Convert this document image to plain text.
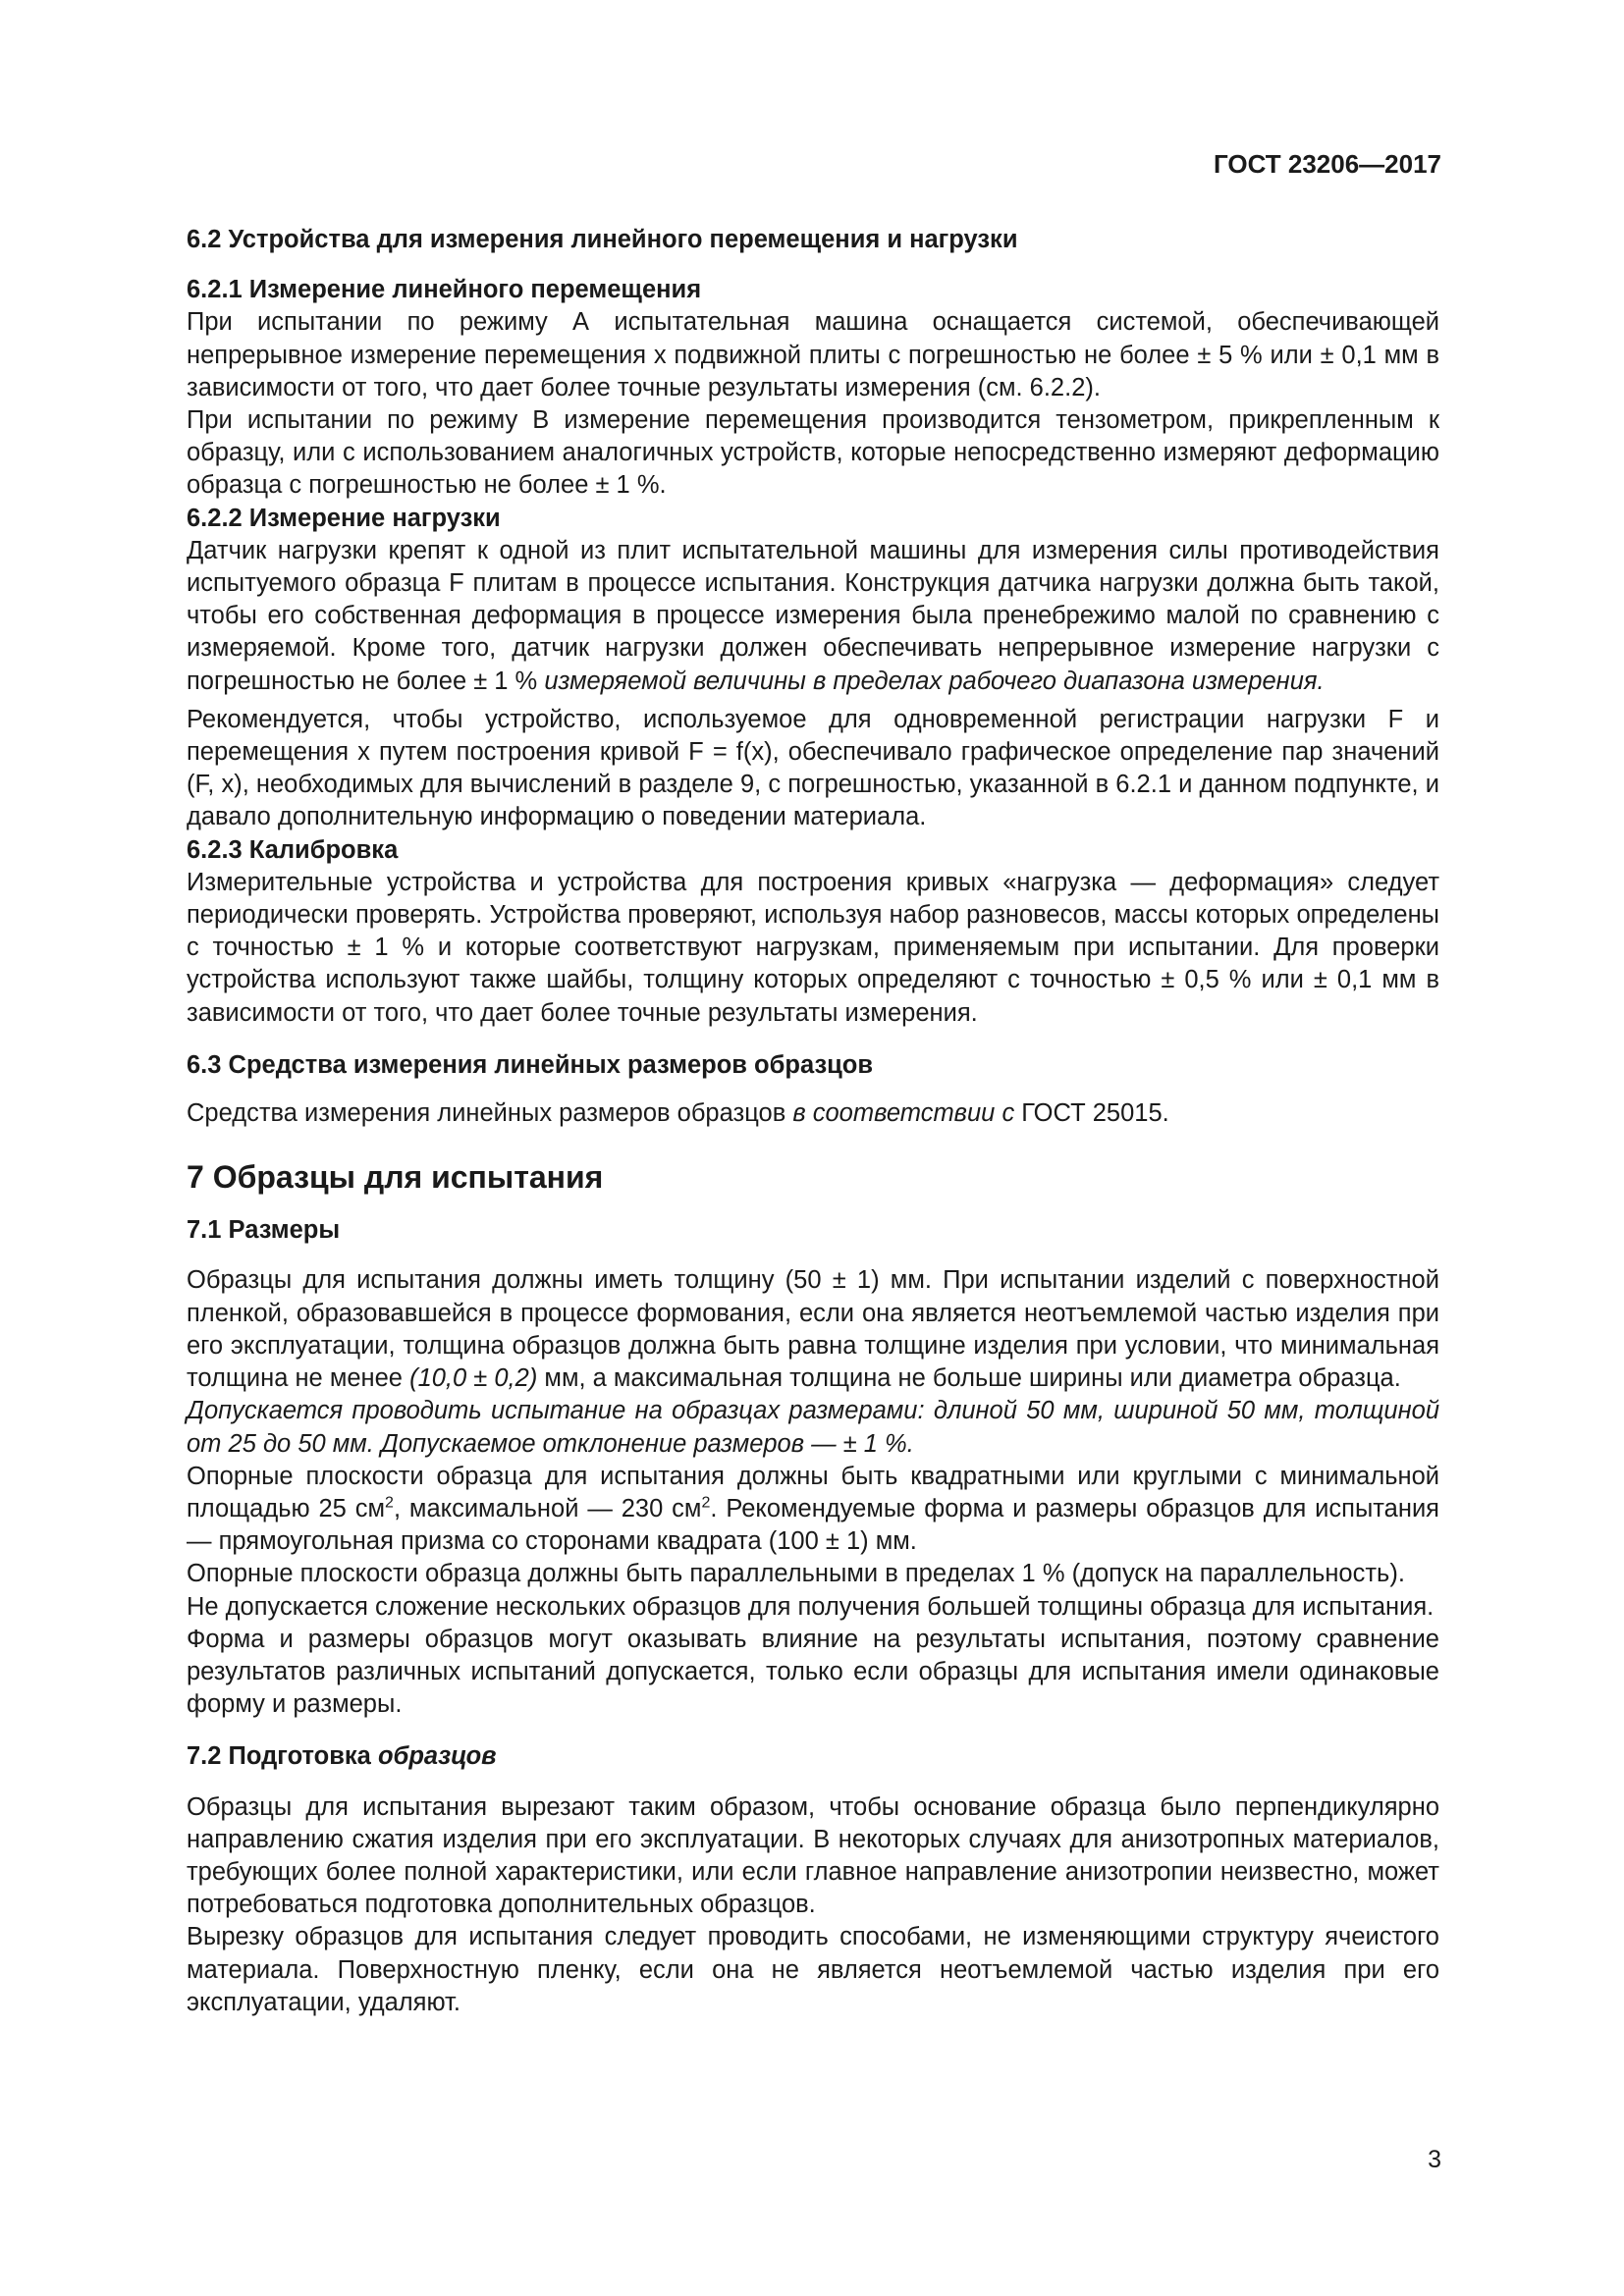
ГОСТ 23206—2017
6.2 Устройства для измерения линейного перемещения и нагрузки
6.2.1 Измерение линейного перемещения

При испытании по режиму А испытательная машина оснащается системой, обеспечивающей непрерывное измерение перемещения x подвижной плиты с погрешностью не более ± 5 % или ± 0,1 мм в зависимости от того, что дает более точные результаты измерения (см. 6.2.2).

При испытании по режиму В измерение перемещения производится тензометром, прикрепленным к образцу, или с использованием аналогичных устройств, которые непосредственно измеряют деформацию образца с погрешностью не более ± 1 %.

6.2.2 Измерение нагрузки

Датчик нагрузки крепят к одной из плит испытательной машины для измерения силы противодействия испытуемого образца F плитам в процессе испытания. Конструкция датчика нагрузки должна быть такой, чтобы его собственная деформация в процессе измерения была пренебрежимо малой по сравнению с измеряемой. Кроме того, датчик нагрузки должен обеспечивать непрерывное измерение нагрузки с погрешностью не более ± 1 % измеряемой величины в пределах рабочего диапазона измерения.

Рекомендуется, чтобы устройство, используемое для одновременной регистрации нагрузки F и перемещения x путем построения кривой F = f(x), обеспечивало графическое определение пар значений (F, x), необходимых для вычислений в разделе 9, с погрешностью, указанной в 6.2.1 и данном подпункте, и давало дополнительную информацию о поведении материала.

6.2.3 Калибровка

Измерительные устройства и устройства для построения кривых «нагрузка — деформация» следует периодически проверять. Устройства проверяют, используя набор разновесов, массы которых определены с точностью ± 1 % и которые соответствуют нагрузкам, применяемым при испытании. Для проверки устройства используют также шайбы, толщину которых определяют с точностью ± 0,5 % или ± 0,1 мм в зависимости от того, что дает более точные результаты измерения.

6.3 Средства измерения линейных размеров образцов

Средства измерения линейных размеров образцов в соответствии с ГОСТ 25015.

7 Образцы для испытания
7.1 Размеры

Образцы для испытания должны иметь толщину (50 ± 1) мм. При испытании изделий с поверхностной пленкой, образовавшейся в процессе формования, если она является неотъемлемой частью изделия при его эксплуатации, толщина образцов должна быть равна толщине изделия при условии, что минимальная толщина не менее (10,0 ± 0,2) мм, а максимальная толщина не больше ширины или диаметра образца.

Допускается проводить испытание на образцах размерами: длиной 50 мм, шириной 50 мм, толщиной от 25 до 50 мм. Допускаемое отклонение размеров — ± 1 %.

Опорные плоскости образца для испытания должны быть квадратными или круглыми с минимальной площадью 25 $см^2$, максимальной — 230 $см^2$. Рекомендуемые форма и размеры образцов для испытания — прямоугольная призма со сторонами квадрата (100 ± 1) мм.

Опорные плоскости образца должны быть параллельными в пределах 1 % (допуск на параллельность).

Не допускается сложение нескольких образцов для получения большей толщины образца для испытания.

Форма и размеры образцов могут оказывать влияние на результаты испытания, поэтому сравнение результатов различных испытаний допускается, только если образцы для испытания имели одинаковые форму и размеры.

7.2 Подготовка образцов

Образцы для испытания вырезают таким образом, чтобы основание образца было перпендикулярно направлению сжатия изделия при его эксплуатации. В некоторых случаях для анизотропных материалов, требующих более полной характеристики, или если главное направление анизотропии неизвестно, может потребоваться подготовка дополнительных образцов.

Вырезку образцов для испытания следует проводить способами, не изменяющими структуру ячеистого материала. Поверхностную пленку, если она не является неотъемлемой частью изделия при его эксплуатации, удаляют.

3
